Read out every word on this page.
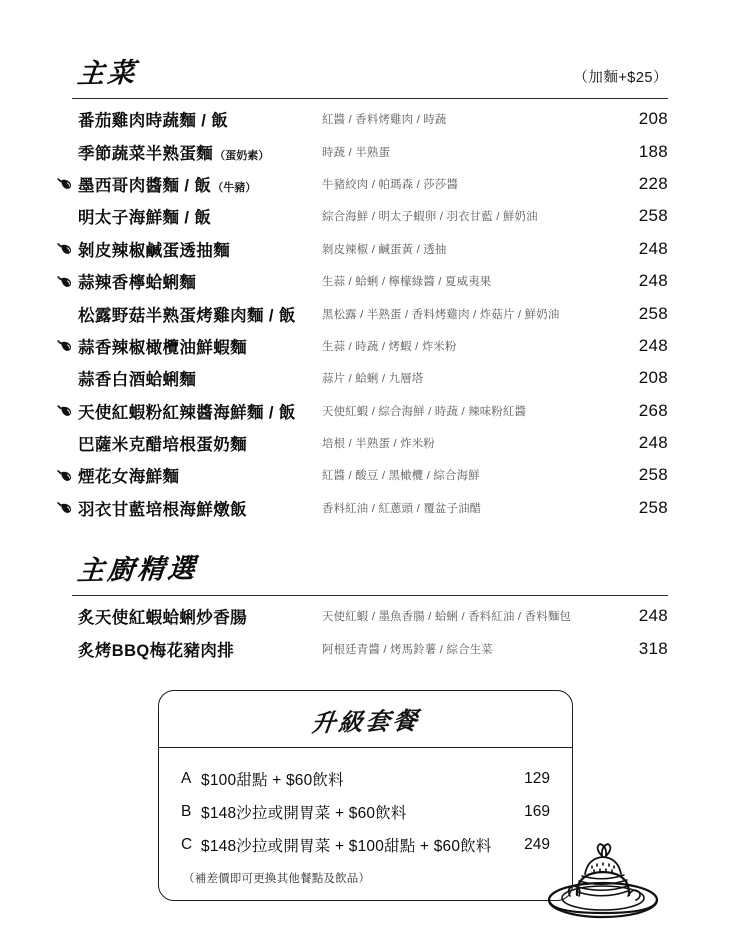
主菜	（加麵+$25）
番茄雞肉時蔬麵 / 飯	紅醬 / 香料烤雞肉 / 時蔬	208
季節蔬菜半熟蛋麵 （蛋奶素）	時蔬 / 半熟蛋	188
墨西哥肉醬麵 / 飯 （牛豬）	牛豬絞肉 / 帕瑪森 / 莎莎醬	228
明太子海鮮麵 / 飯	綜合海鮮 / 明太子蝦卵 / 羽衣甘藍 / 鮮奶油	258
剝皮辣椒鹹蛋透抽麵	剝皮辣椒 / 鹹蛋黃 / 透抽	248
蒜辣香檸蛤蜊麵	生蒜 / 蛤蜊 / 檸檬綠醬 / 夏威夷果	248
松露野菇半熟蛋烤雞肉麵 / 飯	黑松露 / 半熟蛋 / 香料烤雞肉 / 炸菇片 / 鮮奶油	258
蒜香辣椒橄欖油鮮蝦麵	生蒜 / 時蔬 / 烤蝦 / 炸米粉	248
蒜香白酒蛤蜊麵	蒜片 / 蛤蜊 / 九層塔	208
天使紅蝦粉紅辣醬海鮮麵 / 飯	天使紅蝦 / 綜合海鮮 / 時蔬 / 辣味粉紅醬	268
巴薩米克醋培根蛋奶麵	培根 / 半熟蛋 / 炸米粉	248
煙花女海鮮麵	紅醬 / 酸豆 / 黑橄欖 / 綜合海鮮	258
羽衣甘藍培根海鮮燉飯	香料紅油 / 紅蔥頭 / 覆盆子油醋	258
主廚精選
炙天使紅蝦蛤蜊炒香腸	天使紅蝦 / 墨魚香腸 / 蛤蜊 / 香料紅油 / 香料麵包	248
炙烤BBQ梅花豬肉排	阿根廷青醬 / 烤馬鈴薯 / 綜合生菜	318
升級套餐
A $100甜點 + $60飲料	129
B $148沙拉或開胃菜 + $60飲料	169
C $148沙拉或開胃菜 + $100甜點 + $60飲料	249
（補差價即可更換其他餐點及飲品）
